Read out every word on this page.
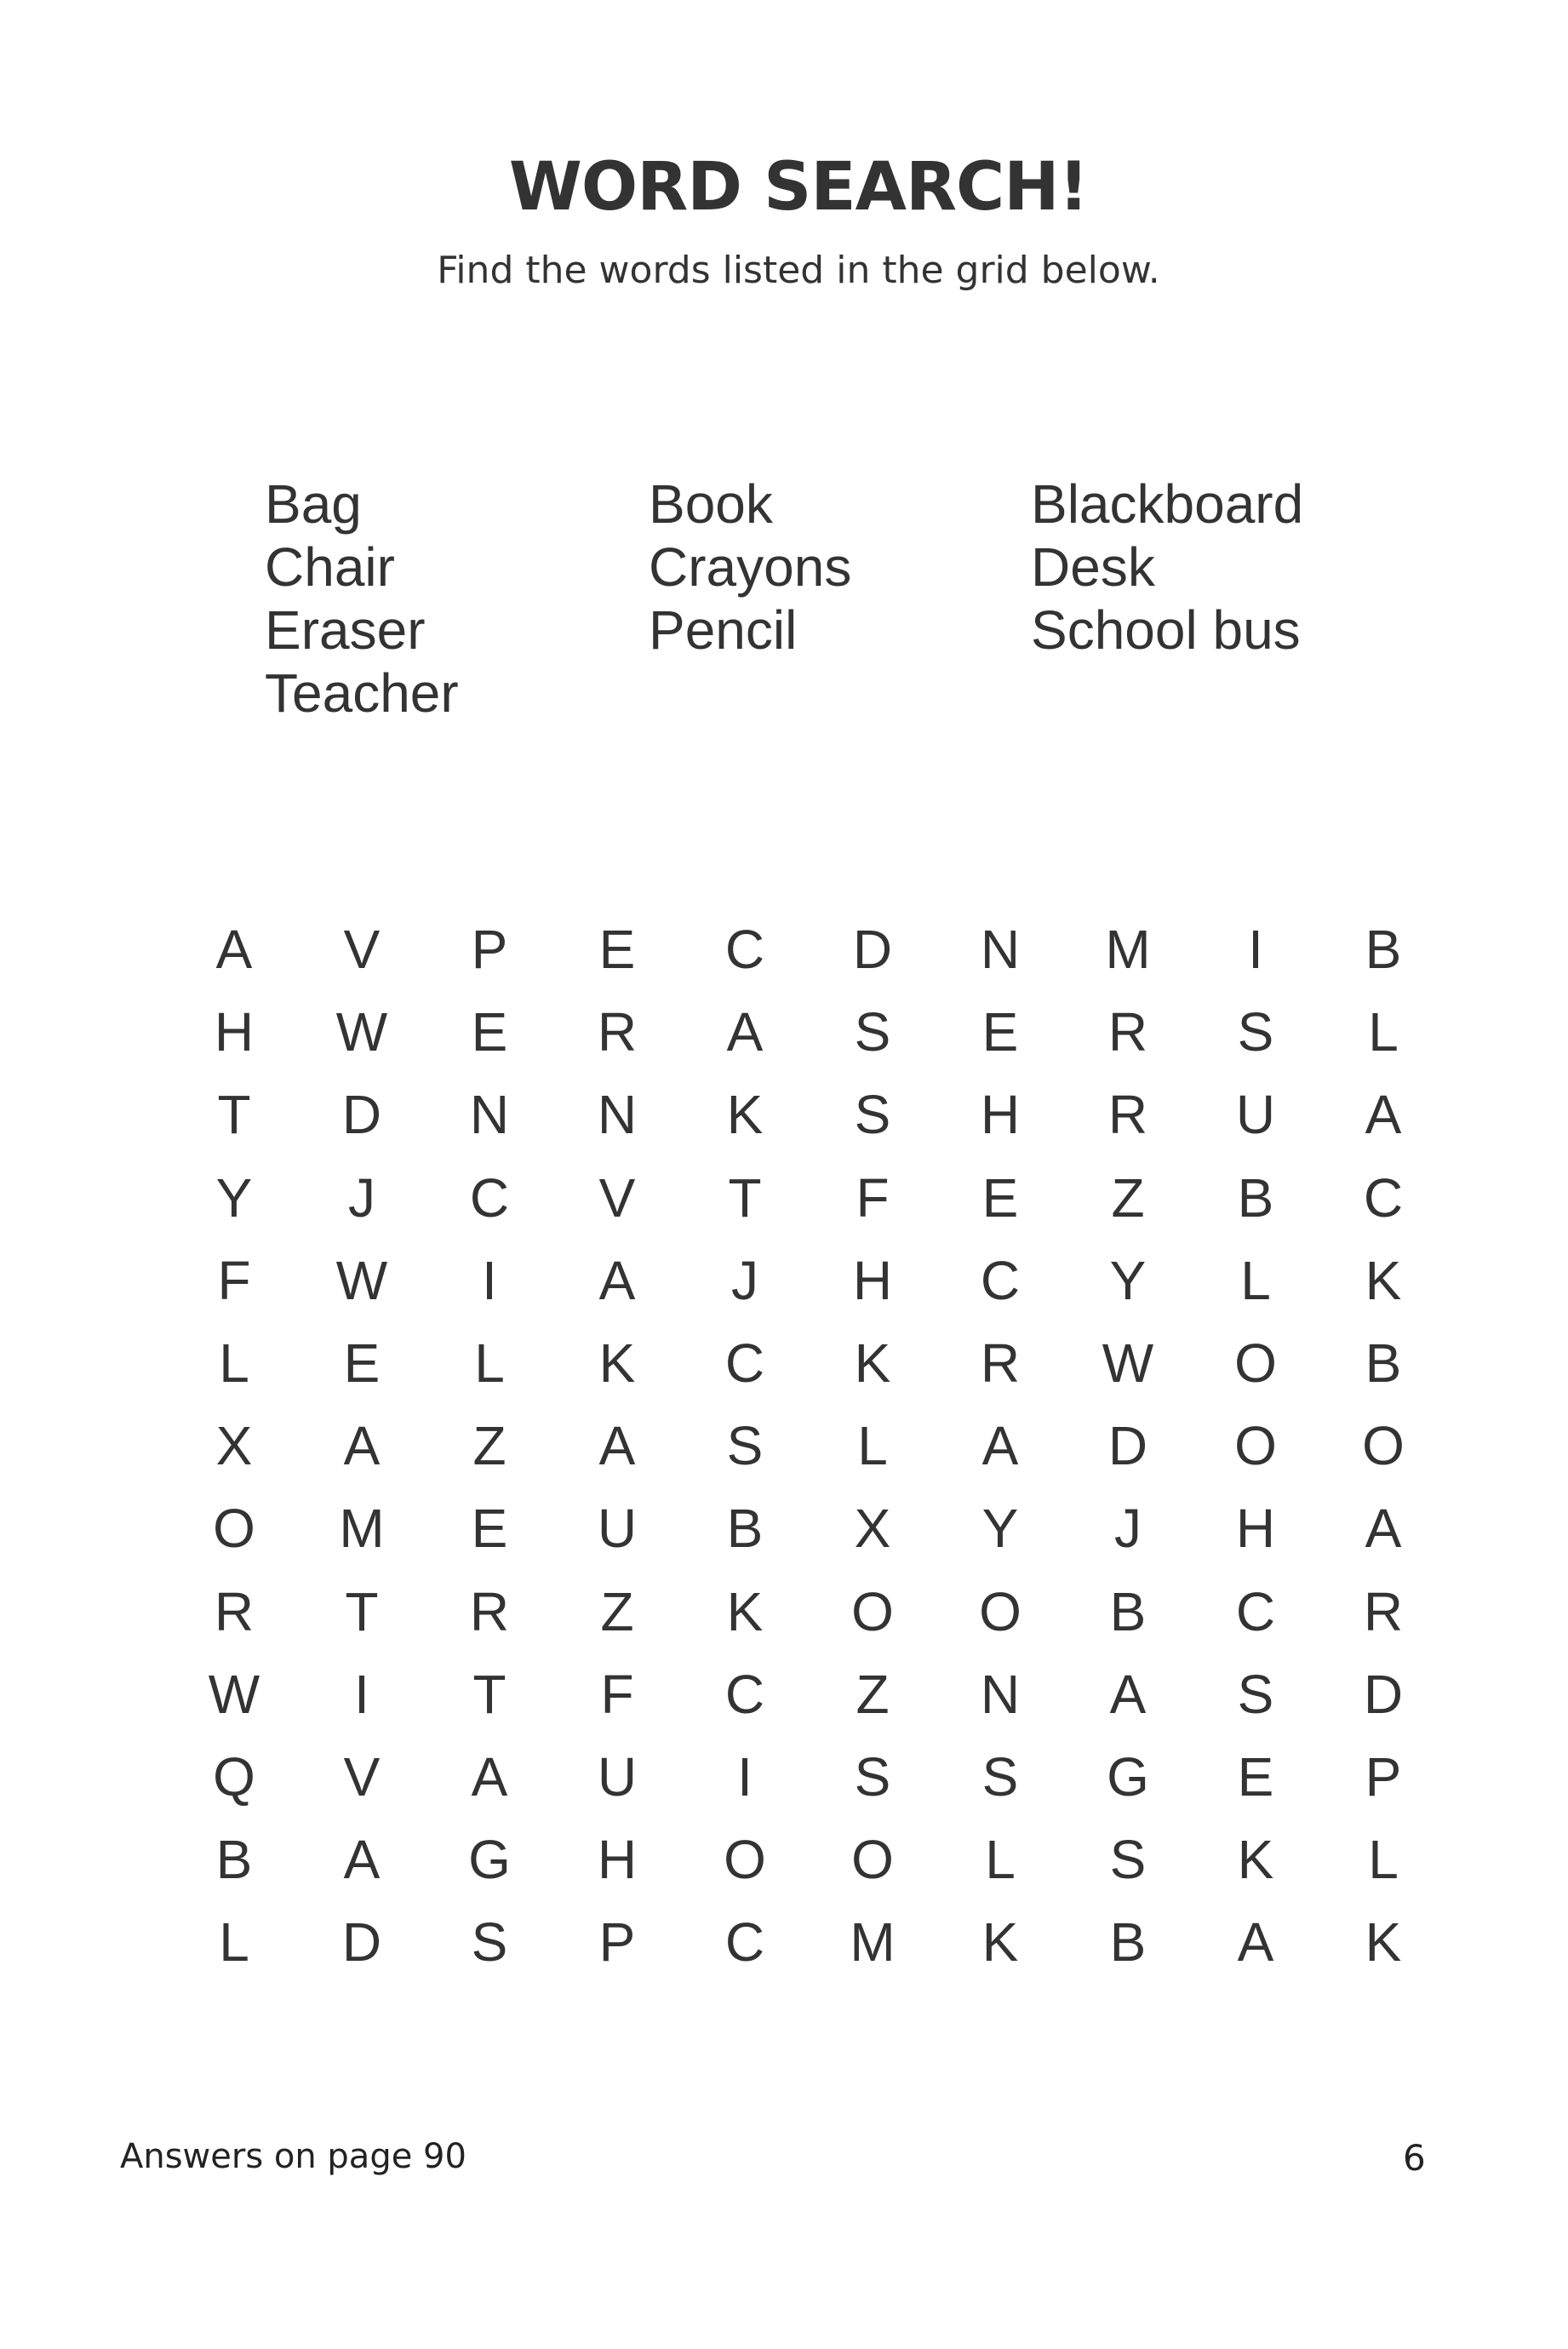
WORD SEARCH!
Find the words listed in the grid below.
Bag
Chair
Eraser
Teacher
Book
Crayons
Pencil
Blackboard
Desk
School bus
A	V	P	E	C	D	N	M	I	B
H	W	E	R	A	S	E	R	S	L
T	D	N	N	K	S	H	R	U	A
Y	J	C	V	T	F	E	Z	B	C
F	W	I	A	J	H	C	Y	L	K
L	E	L	K	C	K	R	W	O	B
X	A	Z	A	S	L	A	D	O	O
O	M	E	U	B	X	Y	J	H	A
R	T	R	Z	K	O	O	B	C	R
W	I	T	F	C	Z	N	A	S	D
Q	V	A	U	I	S	S	G	E	P
B	A	G	H	O	O	L	S	K	L
L	D	S	P	C	M	K	B	A	K
Answers on page 90	6
